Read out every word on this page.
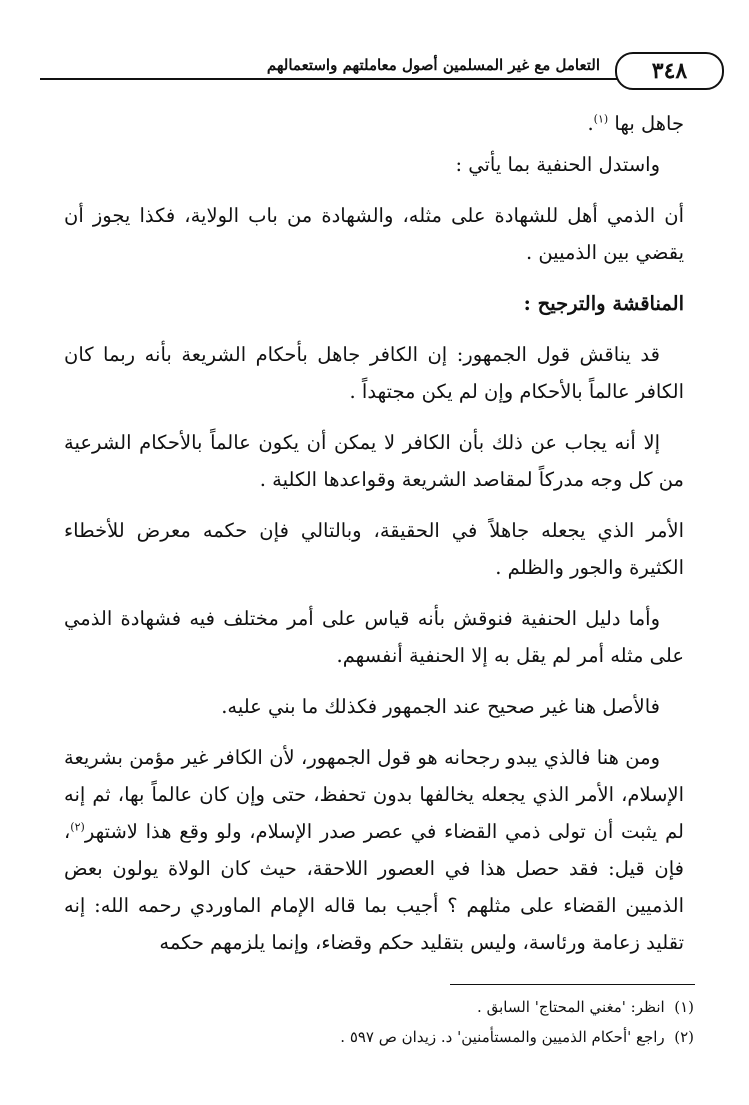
التعامل مع غير المسلمين أصول معاملتهم واستعمالهم	٣٤٨

جاهل بها $^{(١)}$.

واستدل الحنفية بما يأتي :

أن الذمي أهل للشهادة على مثله، والشهادة من باب الولاية، فكذا يجوز أن يقضي بين الذميين .

المناقشة والترجيح :

قد يناقش قول الجمهور: إن الكافر جاهل بأحكام الشريعة بأنه ربما كان الكافر عالماً بالأحكام وإن لم يكن مجتهداً .

إلا أنه يجاب عن ذلك بأن الكافر لا يمكن أن يكون عالماً بالأحكام الشرعية من كل وجه مدركاً لمقاصد الشريعة وقواعدها الكلية .

الأمر الذي يجعله جاهلاً في الحقيقة، وبالتالي فإن حكمه معرض للأخطاء الكثيرة والجور والظلم .

وأما دليل الحنفية فنوقش بأنه قياس على أمر مختلف فيه فشهادة الذمي على مثله أمر لم يقل به إلا الحنفية أنفسهم.

فالأصل هنا غير صحيح عند الجمهور فكذلك ما بني عليه.

ومن هنا فالذي يبدو رجحانه هو قول الجمهور، لأن الكافر غير مؤمن بشريعة الإسلام، الأمر الذي يجعله يخالفها بدون تحفظ، حتى وإن كان عالماً بها، ثم إنه لم يثبت أن تولى ذمي القضاء في عصر صدر الإسلام، ولو وقع هذا لاشتهر$^{(٢)}$، فإن قيل: فقد حصل هذا في العصور اللاحقة، حيث كان الولاة يولون بعض الذميين القضاء على مثلهم ؟ أجيب بما قاله الإمام الماوردي رحمه الله: إنه تقليد زعامة ورئاسة، وليس بتقليد حكم وقضاء، وإنما يلزمهم حكمه

(١)  انظر: 'مغني المحتاج' السابق .

(٢)  راجع 'أحكام الذميين والمستأمنين' د. زيدان ص ٥٩٧ .
